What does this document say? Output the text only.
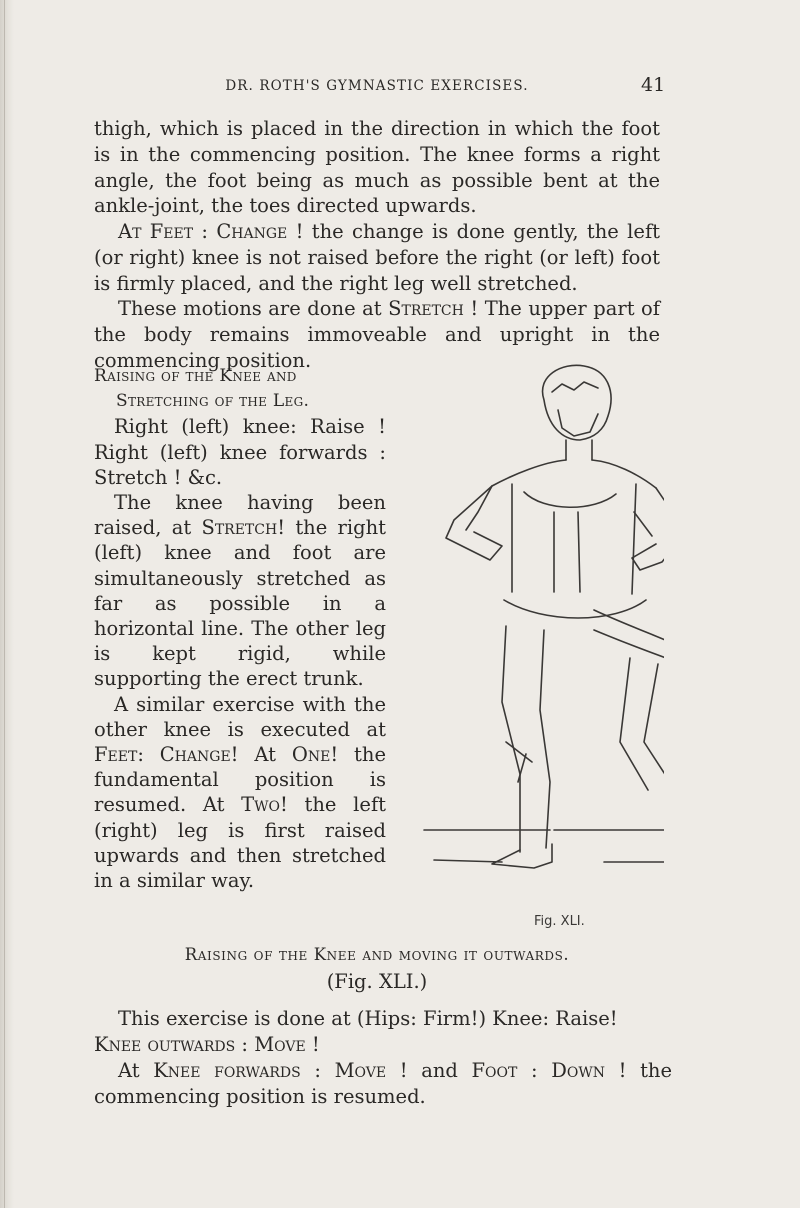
DR. ROTH'S GYMNASTIC EXERCISES.	41

thigh, which is placed in the direction in which the foot is in the commencing position. The knee forms a right angle, the foot being as much as possible bent at the ankle-joint, the toes directed upwards.

At Feet : Change ! the change is done gently, the left (or right) knee is not raised before the right (or left) foot is firmly placed, and the right leg well stretched.

These motions are done at Stretch ! The upper part of the body remains immoveable and upright in the commencing position.

Raising of the Knee and
Stretching of the Leg.

Right (left) knee: Raise ! Right (left) knee forwards : Stretch ! &c.

The knee having been raised, at Stretch! the right (left) knee and foot are simultaneously stretched as far as possible in a horizontal line. The other leg is kept rigid, while supporting the erect trunk.

A similar exercise with the other knee is executed at Feet: Change! At One! the fundamental position is resumed. At Two! the left (right) leg is first raised upwards and then stretched in a similar way.

Fig. XLI.
Raising of the Knee and moving it outwards.
(Fig. XLI.)

This exercise is done at (Hips: Firm!) Knee: Raise!

Knee outwards : Move !

At Knee forwards : Move ! and Foot : Down ! the commencing position is resumed.
